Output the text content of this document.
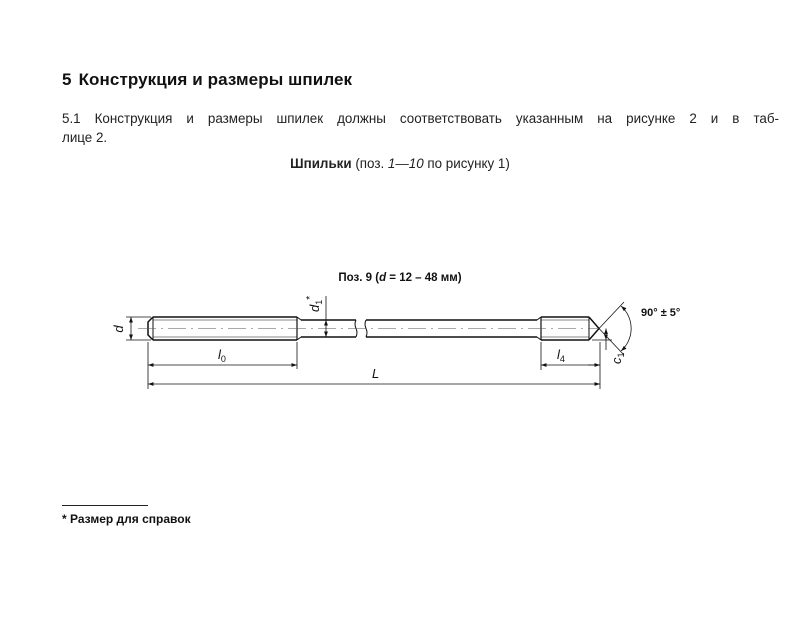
5 Конструкция и размеры шпилек
5.1 Конструкция и размеры шпилек должны соответствовать указанным на рисунке 2 и в таб-
лице 2.
Шпильки (поз. 1—10 по рисунку 1)
Поз. 9 (d = 12 – 48 мм)
d
$d_1^*$
$l_0$
L
$l_4$	$c_1$
90° ± 5°
* Размер для справок
